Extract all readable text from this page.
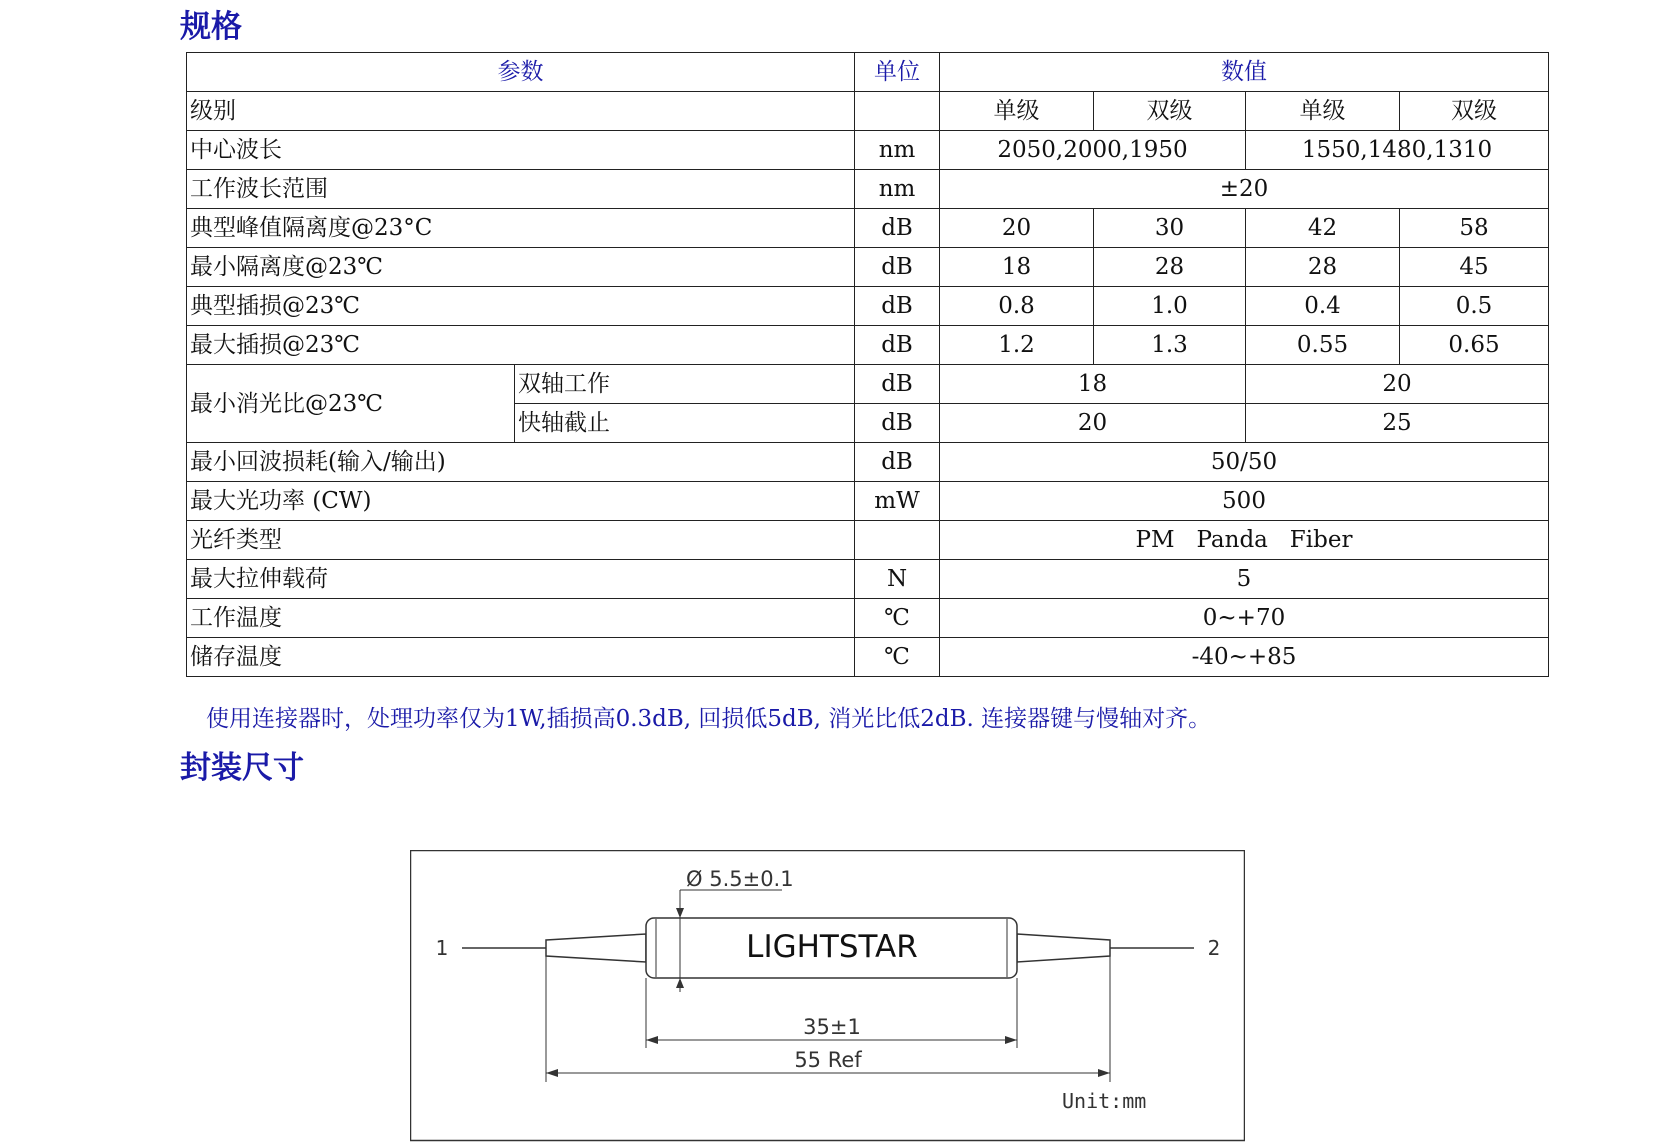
规格
参数		单位	数值			
级别			单级	双级	单级	双级
中心波长		nm	2050,2000,1950		1550,1480,1310	
工作波长范围		nm	±20			
典型峰值隔离度@23°C		dB	20	30	42	58
最小隔离度@23℃		dB	18	28	28	45
典型插损@23℃		dB	0.8	1.0	0.4	0.5
最大插损@23℃		dB	1.2	1.3	0.55	0.65
最小消光比@23℃	双轴工作	dB	18		20	
	快轴截止	dB	20		25	
最小回波损耗(输入/输出)		dB	50/50			
最大光功率 (CW)		mW	500			
光纤类型			PM   Panda   Fiber			
最大拉伸载荷		N	5			
工作温度		℃	0~+70			
储存温度		℃	-40~+85			

使用连接器时，处理功率仅为1W,插损高0.3dB, 回损低5dB, 消光比低2dB. 连接器键与慢轴对齐。

封装尺寸
Ø 5.5±0.1
LIGHTSTAR
1	2
35±1
55 Ref
Unit:mm
